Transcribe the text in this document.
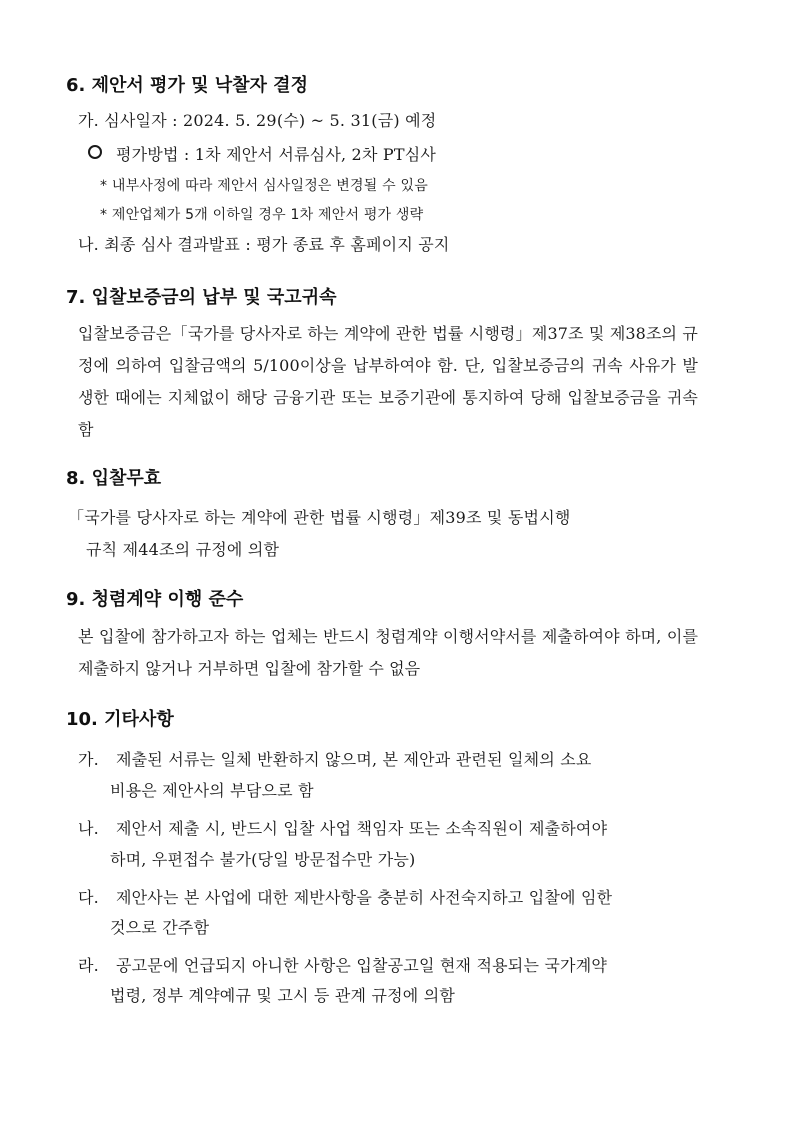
6. 제안서 평가 및 낙찰자 결정
가. 심사일자 : 2024. 5. 29(수) ~ 5. 31(금) 예정
평가방법 : 1차 제안서 서류심사, 2차 PT심사
* 내부사정에 따라 제안서 심사일정은 변경될 수 있음
* 제안업체가 5개 이하일 경우 1차 제안서 평가 생략
나. 최종 심사 결과발표 : 평가 종료 후 홈페이지 공지
7. 입찰보증금의 납부 및 국고귀속
입찰보증금은「국가를 당사자로 하는 계약에 관한 법률 시행령」제37조 및 제38조의 규정에 의하여 입찰금액의 5/100이상을 납부하여야 함. 단, 입찰보증금의 귀속 사유가 발생한 때에는 지체없이 해당 금융기관 또는 보증기관에 통지하여 당해 입찰보증금을 귀속함
8. 입찰무효
「국가를 당사자로 하는 계약에 관한 법률 시행령」제39조 및 동법시행
규칙 제44조의 규정에 의함
9. 청렴계약 이행 준수
본 입찰에 참가하고자 하는 업체는 반드시 청렴계약 이행서약서를 제출하여야 하며, 이를 제출하지 않거나 거부하면 입찰에 참가할 수 없음
10. 기타사항
가. 제출된 서류는 일체 반환하지 않으며, 본 제안과 관련된 일체의 소요
비용은 제안사의 부담으로 함
나. 제안서 제출 시, 반드시 입찰 사업 책임자 또는 소속직원이 제출하여야
하며, 우편접수 불가(당일 방문접수만 가능)
다. 제안사는 본 사업에 대한 제반사항을 충분히 사전숙지하고 입찰에 임한
것으로 간주함
라. 공고문에 언급되지 아니한 사항은 입찰공고일 현재 적용되는 국가계약
법령, 정부 계약예규 및 고시 등 관계 규정에 의함
